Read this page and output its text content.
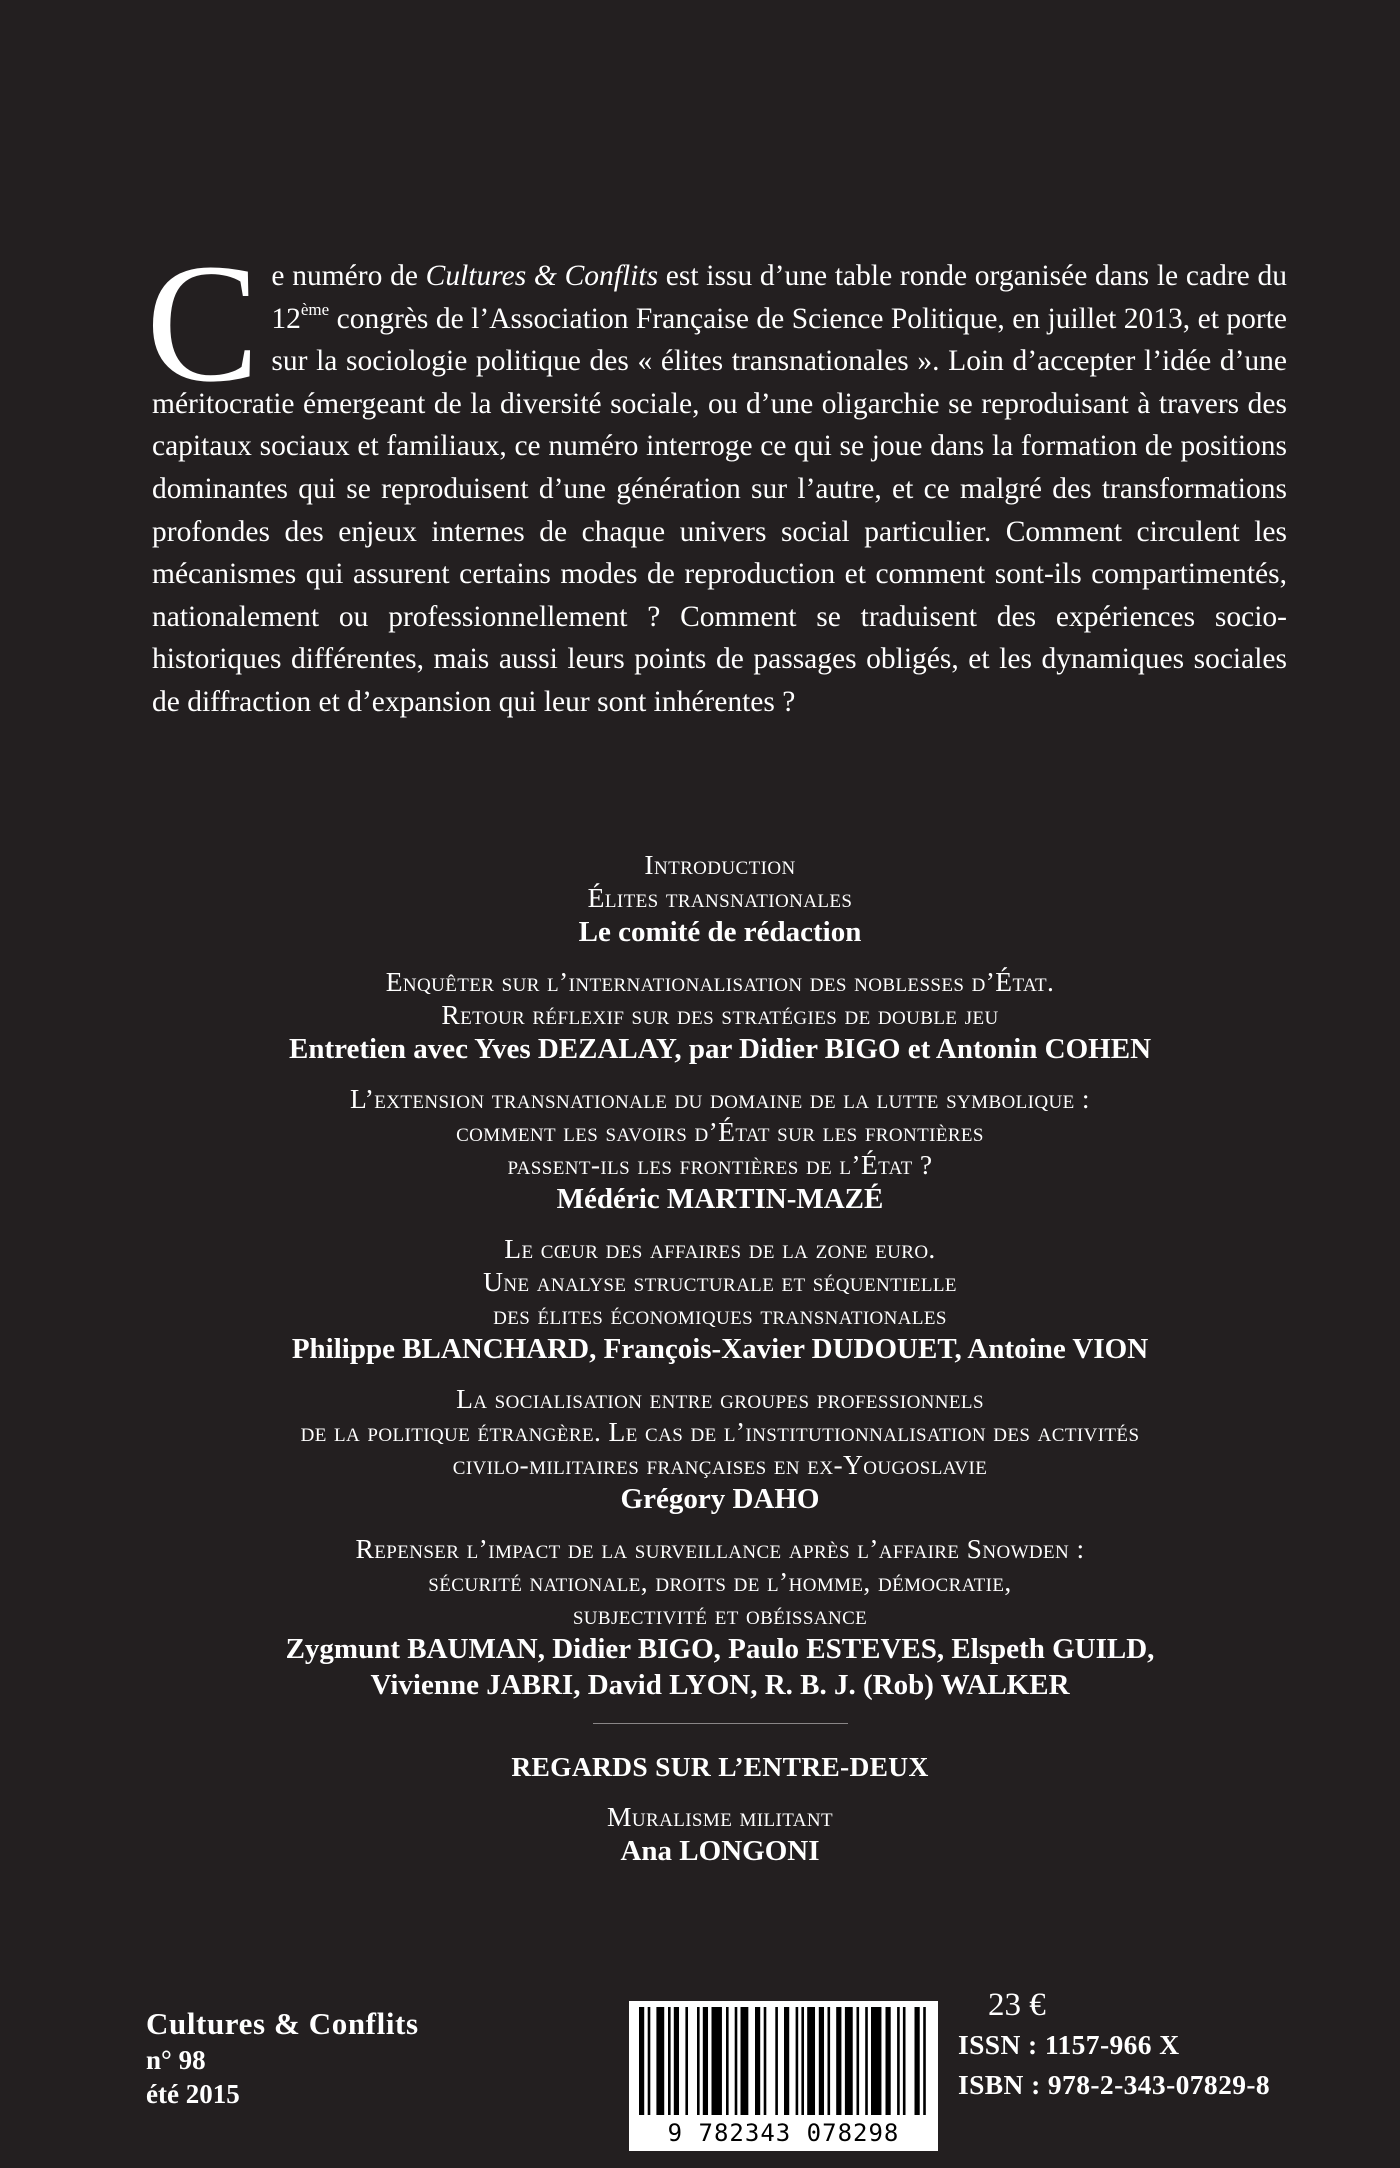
Ce numéro de Cultures & Conflits est issu d’une table ronde organisée dans le cadre du 12ème congrès de l’Association Française de Science Politique, en juillet 2013, et porte sur la sociologie politique des « élites transnationales ». Loin d’accepter l’idée d’une méritocratie émergeant de la diversité sociale, ou d’une oligarchie se reproduisant à travers des capitaux sociaux et familiaux, ce numéro interroge ce qui se joue dans la formation de positions dominantes qui se reproduisent d’une génération sur l’autre, et ce malgré des transformations profondes des enjeux internes de chaque univers social particulier. Comment circulent les mécanismes qui assurent certains modes de reproduction et comment sont-ils compartimentés, nationalement ou professionnellement ? Comment se traduisent des expériences socio-historiques différentes, mais aussi leurs points de passages obligés, et les dynamiques sociales de diffraction et d’expansion qui leur sont inhérentes ?
Introduction
Élites transnationales
Le comité de rédaction
Enquêter sur l’internationalisation des noblesses d’État.
Retour réflexif sur des stratégies de double jeu
Entretien avec Yves DEZALAY, par Didier BIGO et Antonin COHEN
L’extension transnationale du domaine de la lutte symbolique :
comment les savoirs d’État sur les frontières
passent-ils les frontières de l’État ?
Médéric MARTIN-MAZÉ
Le cœur des affaires de la zone euro.
Une analyse structurale et séquentielle
des élites économiques transnationales
Philippe BLANCHARD, François-Xavier DUDOUET, Antoine VION
La socialisation entre groupes professionnels
de la politique étrangère. Le cas de l’institutionnalisation des activités
civilo-militaires françaises en ex-Yougoslavie
Grégory DAHO
Repenser l’impact de la surveillance après l’affaire Snowden :
sécurité nationale, droits de l’homme, démocratie,
subjectivité et obéissance
Zygmunt BAUMAN, Didier BIGO, Paulo ESTEVES, Elspeth GUILD,
Vivienne JABRI, David LYON, R. B. J. (Rob) WALKER
REGARDS SUR L’ENTRE-DEUX
Muralisme militant
Ana LONGONI
Cultures & Conflits
n° 98
été 2015
9 782343 078298
23 €
ISSN : 1157-966 X
ISBN : 978-2-343-07829-8
